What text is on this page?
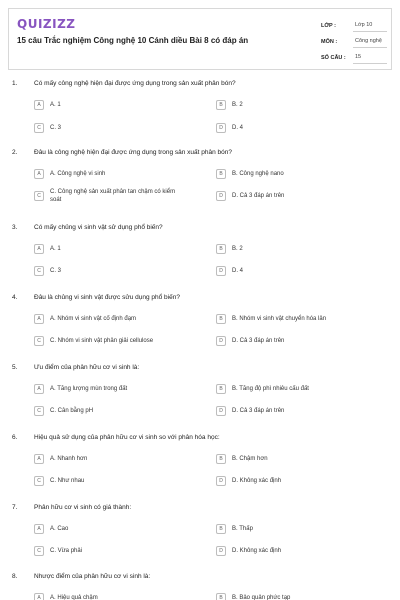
QUIZIZZ
15 câu Trắc nghiệm Công nghệ 10 Cánh diều Bài 8 có đáp án
LỚP :	Lớp 10
MÔN :	Công nghệ
SỐ CÂU :	15
1.	Có mấy công nghệ hiện đại được ứng dụng trong sản xuất phân bón?
A	A. 1	B	B. 2
C	C. 3	D	D. 4
2.	Đâu là công nghệ hiện đại được ứng dụng trong sản xuất phân bón?
A	A. Công nghệ vi sinh	B	B. Công nghệ nano
C
C. Công nghệ sản xuất phân tan chậm có kiểm soát
D	D. Cả 3 đáp án trên
3.	Có mấy chủng vi sinh vật sử dụng phổ biến?
A	A. 1	B	B. 2
C	C. 3	D	D. 4
4.	Đâu là chủng vi sinh vật được sửu dụng phổ biến?
A	A. Nhóm vi sinh vật cố định đạm	B	B. Nhóm vi sinh vật chuyển hóa lân
C	C. Nhóm vi sinh vật phân giải cellulose	D	D. Cả 3 đáp án trên
5.	Ưu điểm của phân hữu cơ vi sinh là:
A	A. Tăng lượng mùn trong đất	B	B. Tăng độ phì nhiêu cấu đất
C	C. Cân bằng pH	D	D. Cả 3 đáp án trên
6.	Hiệu quả sử dụng của phân hữu cơ vi sinh so với phân hóa học:
A	A. Nhanh hơn	B	B. Chậm hơn
C	C. Như nhau	D	D. Không xác định
7.	Phân hữu cơ vi sinh có giá thành:
A	A. Cao	B	B. Thấp
C	C. Vừa phải	D	D. Không xác định
8.	Nhược điểm của phân hữu cơ vi sinh là:
A	A. Hiệu quả chậm	B	B. Bảo quản phức tạp
